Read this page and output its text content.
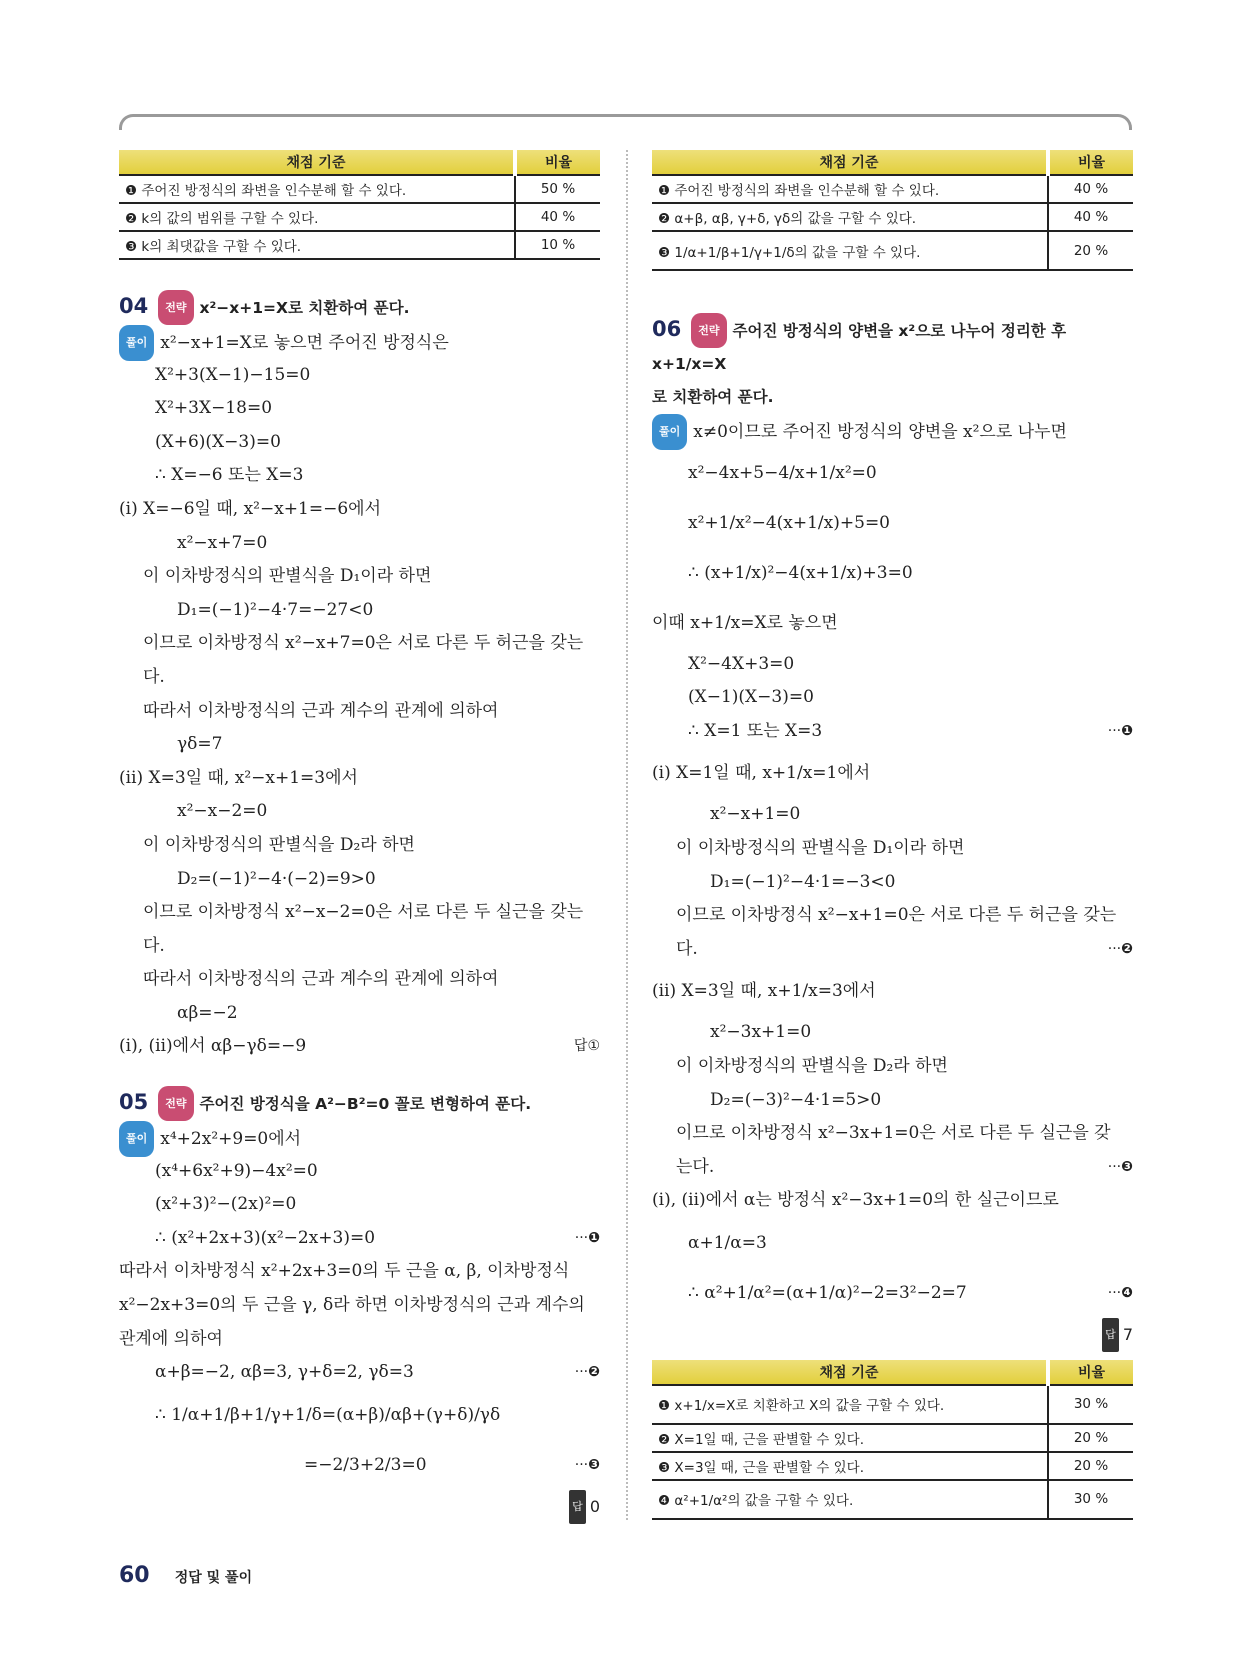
채점 기준	비율
❶ 주어진 방정식의 좌변을 인수분해 할 수 있다.	50 %
❷ k의 값의 범위를 구할 수 있다.	40 %
❸ k의 최댓값을 구할 수 있다.	10 %
04 전략 x²−x+1=X로 치환하여 푼다.
풀이 x²−x+1=X로 놓으면 주어진 방정식은
X²+3(X−1)−15=0
X²+3X−18=0
(X+6)(X−3)=0
∴ X=−6 또는 X=3
(ⅰ) X=−6일 때, x²−x+1=−6에서
x²−x+7=0
이 이차방정식의 판별식을 D₁이라 하면
D₁=(−1)²−4·7=−27<0
이므로 이차방정식 x²−x+7=0은 서로 다른 두 허근을 갖는
다.
따라서 이차방정식의 근과 계수의 관계에 의하여
γδ=7
(ⅱ) X=3일 때, x²−x+1=3에서
x²−x−2=0
이 이차방정식의 판별식을 D₂라 하면
D₂=(−1)²−4·(−2)=9>0
이므로 이차방정식 x²−x−2=0은 서로 다른 두 실근을 갖는
다.
따라서 이차방정식의 근과 계수의 관계에 의하여
αβ=−2
(ⅰ), (ⅱ)에서 αβ−γδ=−9	답①
05 전략 주어진 방정식을 A²−B²=0 꼴로 변형하여 푼다.
풀이 x⁴+2x²+9=0에서
(x⁴+6x²+9)−4x²=0
(x²+3)²−(2x)²=0
∴ (x²+2x+3)(x²−2x+3)=0	···❶
따라서 이차방정식 x²+2x+3=0의 두 근을 α, β, 이차방정식
x²−2x+3=0의 두 근을 γ, δ라 하면 이차방정식의 근과 계수의
관계에 의하여
α+β=−2, αβ=3, γ+δ=2, γδ=3	···❷
∴ 1/α+1/β+1/γ+1/δ=(α+β)/αβ+(γ+δ)/γδ
=−2/3+2/3=0	···❸
답 0
채점 기준	비율
❶ 주어진 방정식의 좌변을 인수분해 할 수 있다.	40 %
❷ α+β, αβ, γ+δ, γδ의 값을 구할 수 있다.	40 %
❸ 1/α+1/β+1/γ+1/δ의 값을 구할 수 있다.	20 %
06 전략 주어진 방정식의 양변을 x²으로 나누어 정리한 후 x+1/x=X
로 치환하여 푼다.
풀이 x≠0이므로 주어진 방정식의 양변을 x²으로 나누면
x²−4x+5−4/x+1/x²=0
x²+1/x²−4(x+1/x)+5=0
∴ (x+1/x)²−4(x+1/x)+3=0
이때 x+1/x=X로 놓으면
X²−4X+3=0
(X−1)(X−3)=0
∴ X=1 또는 X=3	···❶
(ⅰ) X=1일 때, x+1/x=1에서
x²−x+1=0
이 이차방정식의 판별식을 D₁이라 하면
D₁=(−1)²−4·1=−3<0
이므로 이차방정식 x²−x+1=0은 서로 다른 두 허근을 갖는
다.	···❷
(ⅱ) X=3일 때, x+1/x=3에서
x²−3x+1=0
이 이차방정식의 판별식을 D₂라 하면
D₂=(−3)²−4·1=5>0
이므로 이차방정식 x²−3x+1=0은 서로 다른 두 실근을 갖
는다.	···❸
(ⅰ), (ⅱ)에서 α는 방정식 x²−3x+1=0의 한 실근이므로
α+1/α=3
∴ α²+1/α²=(α+1/α)²−2=3²−2=7	···❹
답 7
채점 기준	비율
❶ x+1/x=X로 치환하고 X의 값을 구할 수 있다.	30 %
❷ X=1일 때, 근을 판별할 수 있다.	20 %
❸ X=3일 때, 근을 판별할 수 있다.	20 %
❹ α²+1/α²의 값을 구할 수 있다.	30 %
60 정답 및 풀이
